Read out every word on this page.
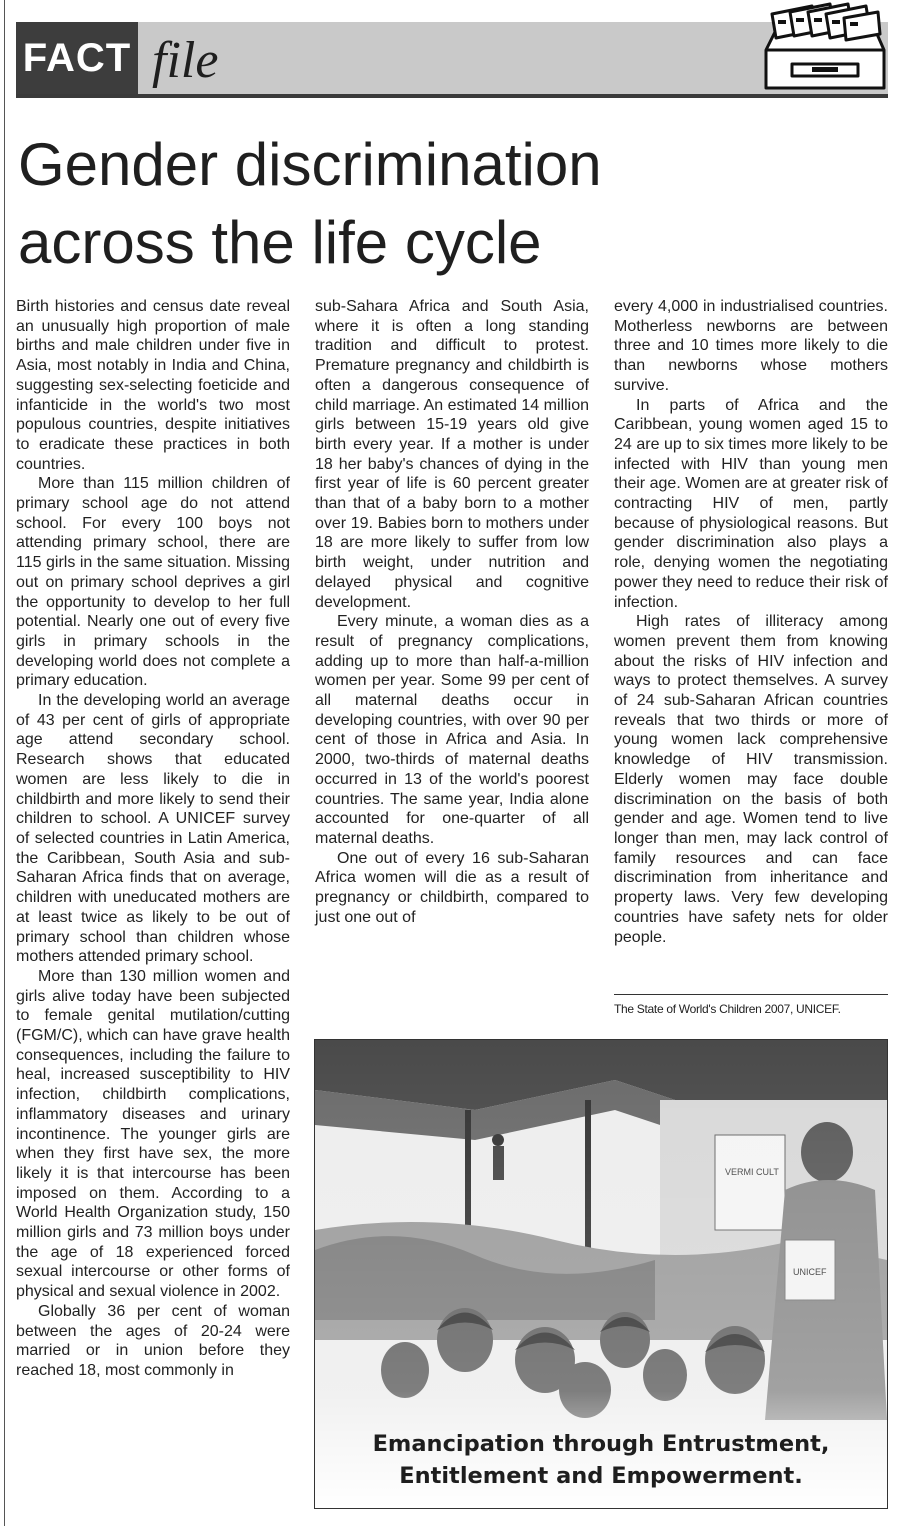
FACT file
Gender discrimination
across the life cycle

Birth histories and census date reveal an unusually high proportion of male births and male children under five in Asia, most notably in India and China, suggesting sex-selecting foeticide and infanticide in the world's two most populous countries, despite initiatives to eradicate these practices in both countries.

More than 115 million children of primary school age do not attend school. For every 100 boys not attending primary school, there are 115 girls in the same situation. Missing out on primary school deprives a girl the opportunity to develop to her full potential. Nearly one out of every five girls in primary schools in the developing world does not complete a primary education.

In the developing world an average of 43 per cent of girls of appropriate age attend secondary school. Research shows that educated women are less likely to die in childbirth and more likely to send their children to school. A UNICEF survey of selected countries in Latin America, the Caribbean, South Asia and sub-Saharan Africa finds that on average, children with uneducated mothers are at least twice as likely to be out of primary school than children whose mothers attended primary school.

More than 130 million women and girls alive today have been subjected to female genital mutilation/cutting (FGM/C), which can have grave health consequences, including the failure to heal, increased susceptibility to HIV infection, childbirth complications, inflammatory diseases and urinary incontinence. The younger girls are when they first have sex, the more likely it is that intercourse has been imposed on them. According to a World Health Organization study, 150 million girls and 73 million boys under the age of 18 experienced forced sexual intercourse or other forms of physical and sexual violence in 2002.

Globally 36 per cent of woman between the ages of 20-24 were married or in union before they reached 18, most commonly in

sub-Sahara Africa and South Asia, where it is often a long standing tradition and difficult to protest. Premature pregnancy and childbirth is often a dangerous consequence of child marriage. An estimated 14 million girls between 15-19 years old give birth every year. If a mother is under 18 her baby's chances of dying in the first year of life is 60 percent greater than that of a baby born to a mother over 19. Babies born to mothers under 18 are more likely to suffer from low birth weight, under nutrition and delayed physical and cognitive development.

Every minute, a woman dies as a result of pregnancy complications, adding up to more than half-a-million women per year. Some 99 per cent of all maternal deaths occur in developing countries, with over 90 per cent of those in Africa and Asia. In 2000, two-thirds of maternal deaths occurred in 13 of the world's poorest countries. The same year, India alone accounted for one-quarter of all maternal deaths.

One out of every 16 sub-Saharan Africa women will die as a result of pregnancy or childbirth, compared to just one out of

every 4,000 in industrialised countries. Motherless newborns are between three and 10 times more likely to die than newborns whose mothers survive.

In parts of Africa and the Caribbean, young women aged 15 to 24 are up to six times more likely to be infected with HIV than young men their age. Women are at greater risk of contracting HIV of men, partly because of physiological reasons. But gender discrimination also plays a role, denying women the negotiating power they need to reduce their risk of infection.

High rates of illiteracy among women prevent them from knowing about the risks of HIV infection and ways to protect themselves. A survey of 24 sub-Saharan African countries reveals that two thirds or more of young women lack comprehensive knowledge of HIV transmission. Elderly women may face double discrimination on the basis of both gender and age. Women tend to live longer than men, may lack control of family resources and can face discrimination from inheritance and property laws. Very few developing countries have safety nets for older people.

The State of World's Children 2007, UNICEF.
Emancipation through Entrustment,
Entitlement and Empowerment.
